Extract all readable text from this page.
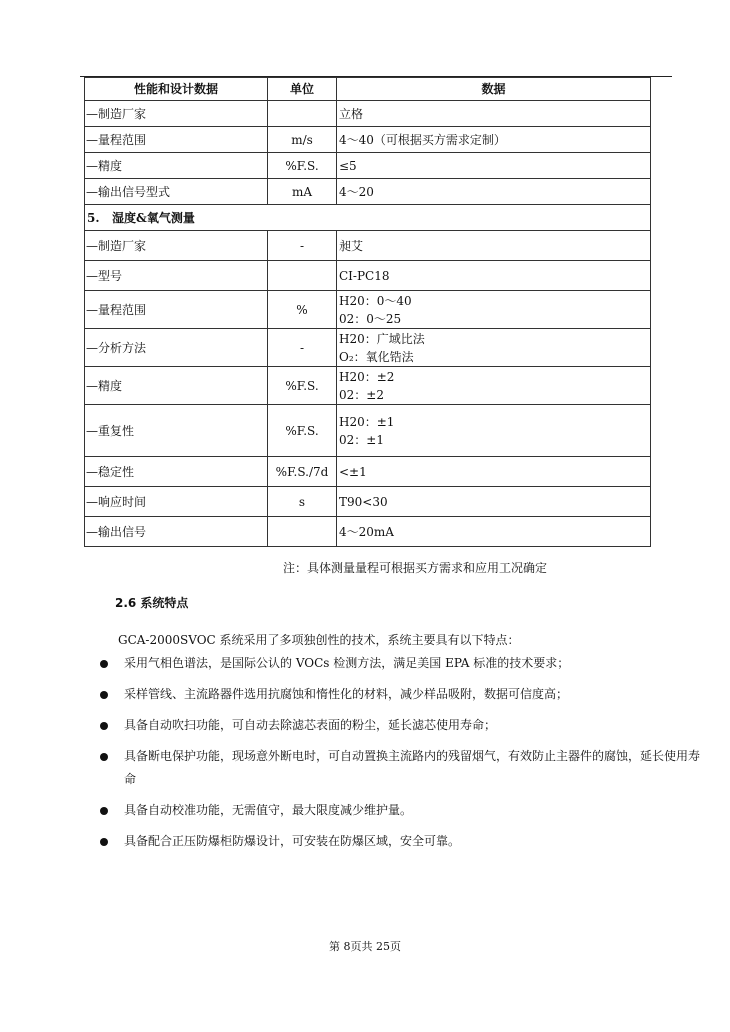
性能和设计数据	单位	数据
—制造厂家		立格

—量程范围	m/s	4～40（可根据买方需求定制）

—精度	%F.S.	≤5

—输出信号型式	mA	4～20

5.   湿度&氧气测量		
—制造厂家	-	昶艾

—型号		CI-PC18

—量程范围	%	H20：0～40
02：0～25

—分析方法	-	H20：广域比法
O₂：氧化锆法

—精度	%F.S.	H20：±2
02：±2

—重复性	%F.S.	H20：±1
02：±1

—稳定性	%F.S./7d	<±1

—响应时间	s	T90<30

—输出信号		4～20mA
注：具体测量量程可根据买方需求和应用工况确定
2.6 系统特点
GCA-2000SVOC 系统采用了多项独创性的技术，系统主要具有以下特点：
采用气相色谱法，是国际公认的 VOCs 检测方法，满足美国 EPA 标准的技术要求；
采样管线、主流路器件选用抗腐蚀和惰性化的材料，减少样品吸附，数据可信度高；
具备自动吹扫功能，可自动去除滤芯表面的粉尘，延长滤芯使用寿命；
具备断电保护功能，现场意外断电时，可自动置换主流路内的残留烟气，有效防止主器件的腐蚀，延长使用寿命
具备自动校准功能，无需值守，最大限度减少维护量。
具备配合正压防爆柜防爆设计，可安装在防爆区域，安全可靠。
第 8页共 25页
